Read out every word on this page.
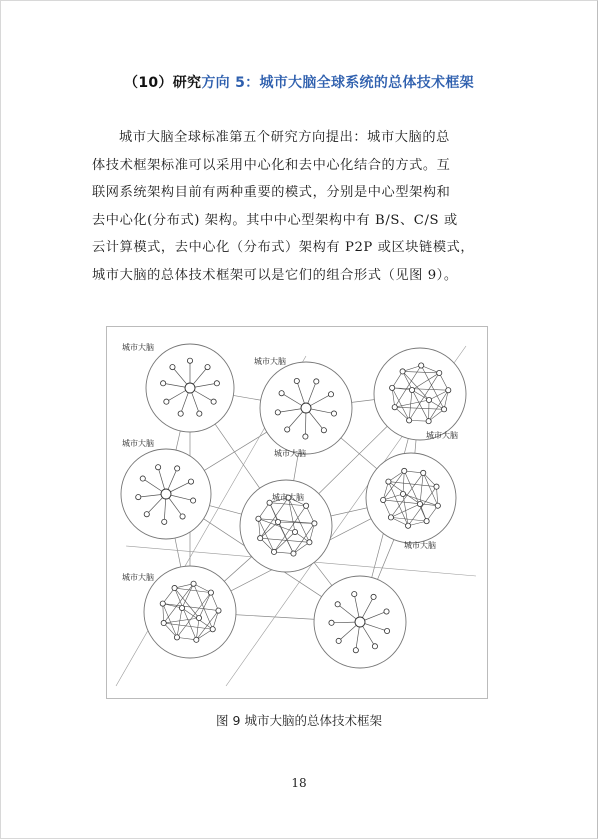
（10）研究方向 5：城市大脑全球系统的总体技术框架
城市大脑全球标准第五个研究方向提出：城市大脑的总
体技术框架标准可以采用中心化和去中心化结合的方式。互
联网系统架构目前有两种重要的模式，分别是中心型架构和
去中心化(分布式) 架构。其中中心型架构中有 B/S、C/S 或
云计算模式，去中心化（分布式）架构有 P2P 或区块链模式，
城市大脑的总体技术框架可以是它们的组合形式（见图 9）。
城市大脑
城市大脑
城市大脑
城市大脑
城市大脑
城市大脑
城市大脑
城市大脑
图 9 城市大脑的总体技术框架
18
